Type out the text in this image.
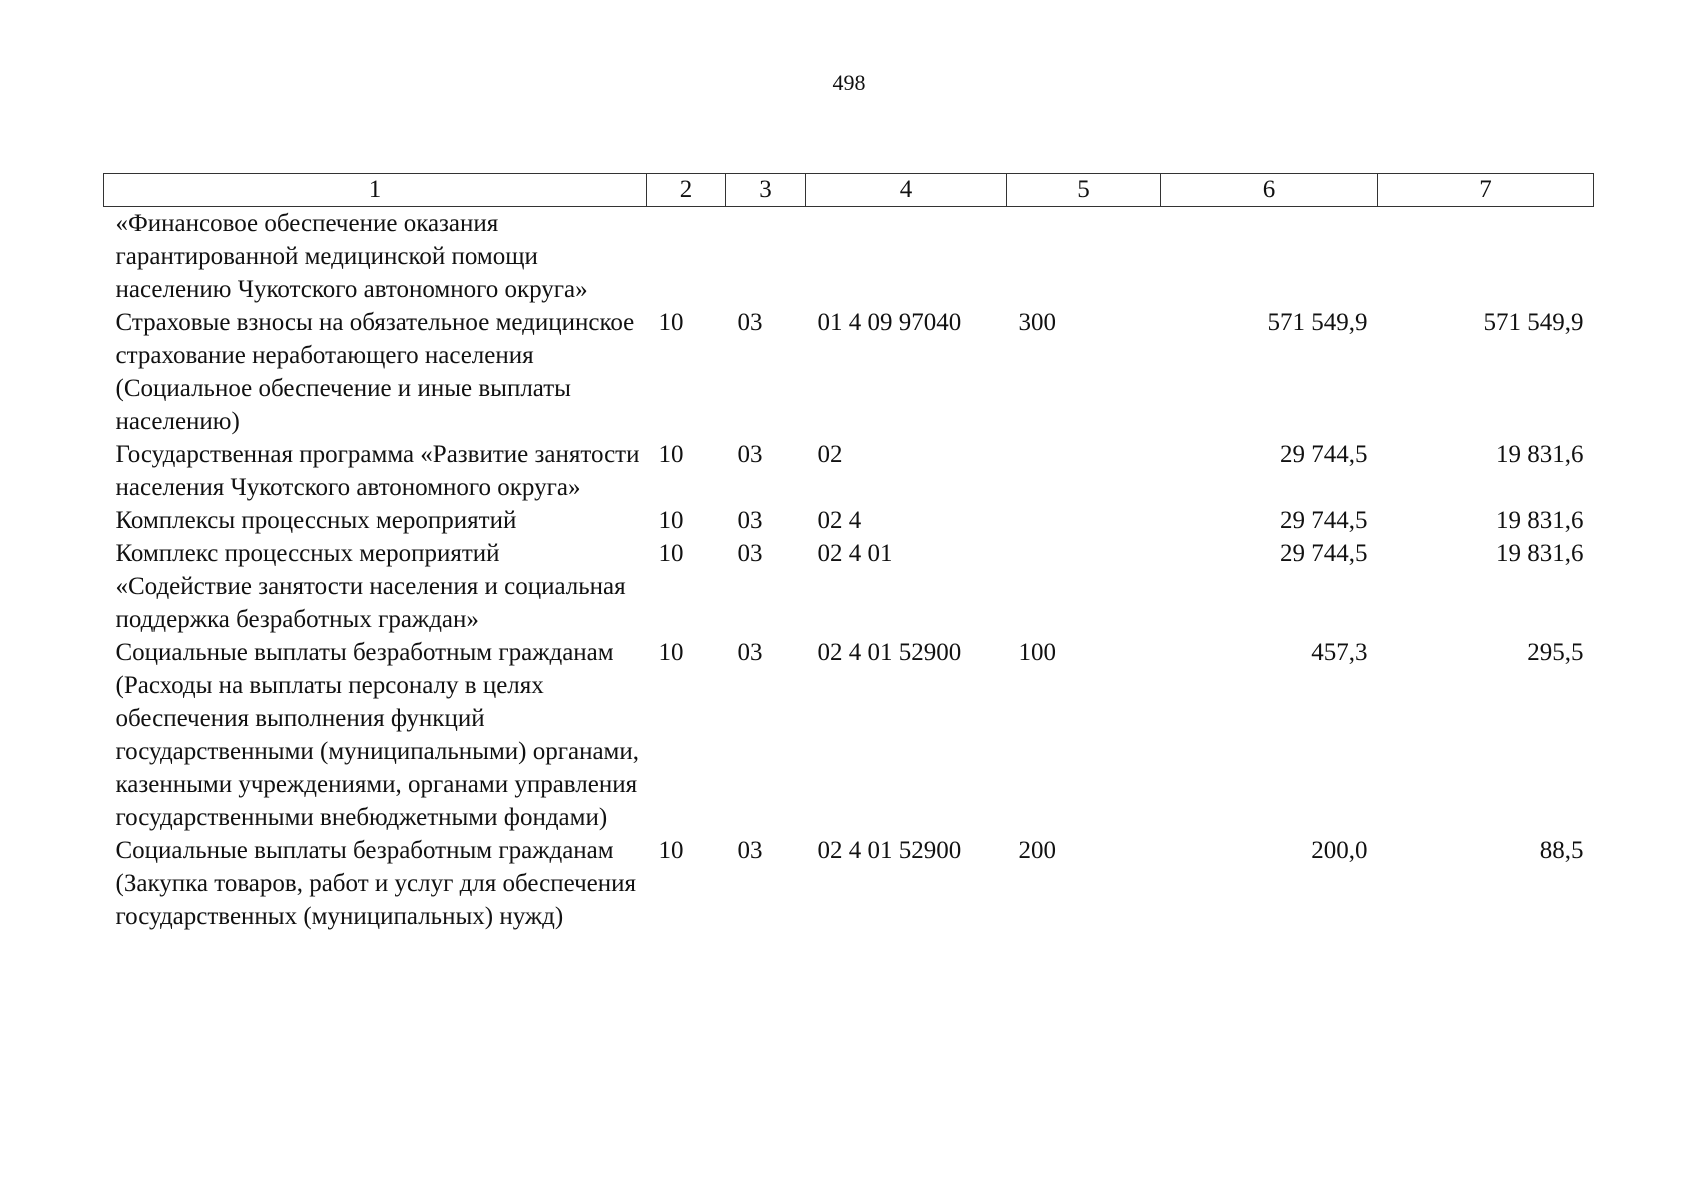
498
1	2	3	4	5	6	7
«Финансовое обеспечение оказания гарантированной медицинской помощи населению Чукотского автономного округа»						
Страховые взносы на обязательное медицинское страхование неработающего населения (Социальное обеспечение и иные выплаты населению)	10	03	01 4 09 97040	300	571 549,9	571 549,9
Государственная программа «Развитие занятости населения Чукотского автономного округа»	10	03	02		29 744,5	19 831,6
Комплексы процессных мероприятий	10	03	02 4		29 744,5	19 831,6
Комплекс процессных мероприятий «Содействие занятости населения и социальная поддержка безработных граждан»	10	03	02 4 01		29 744,5	19 831,6
Социальные выплаты безработным гражданам (Расходы на выплаты персоналу в целях обеспечения выполнения функций государственными (муниципальными) органами, казенными учреждениями, органами управления государственными внебюджетными фондами)	10	03	02 4 01 52900	100	457,3	295,5
Социальные выплаты безработным гражданам (Закупка товаров, работ и услуг для обеспечения государственных (муниципальных) нужд)	10	03	02 4 01 52900	200	200,0	88,5
